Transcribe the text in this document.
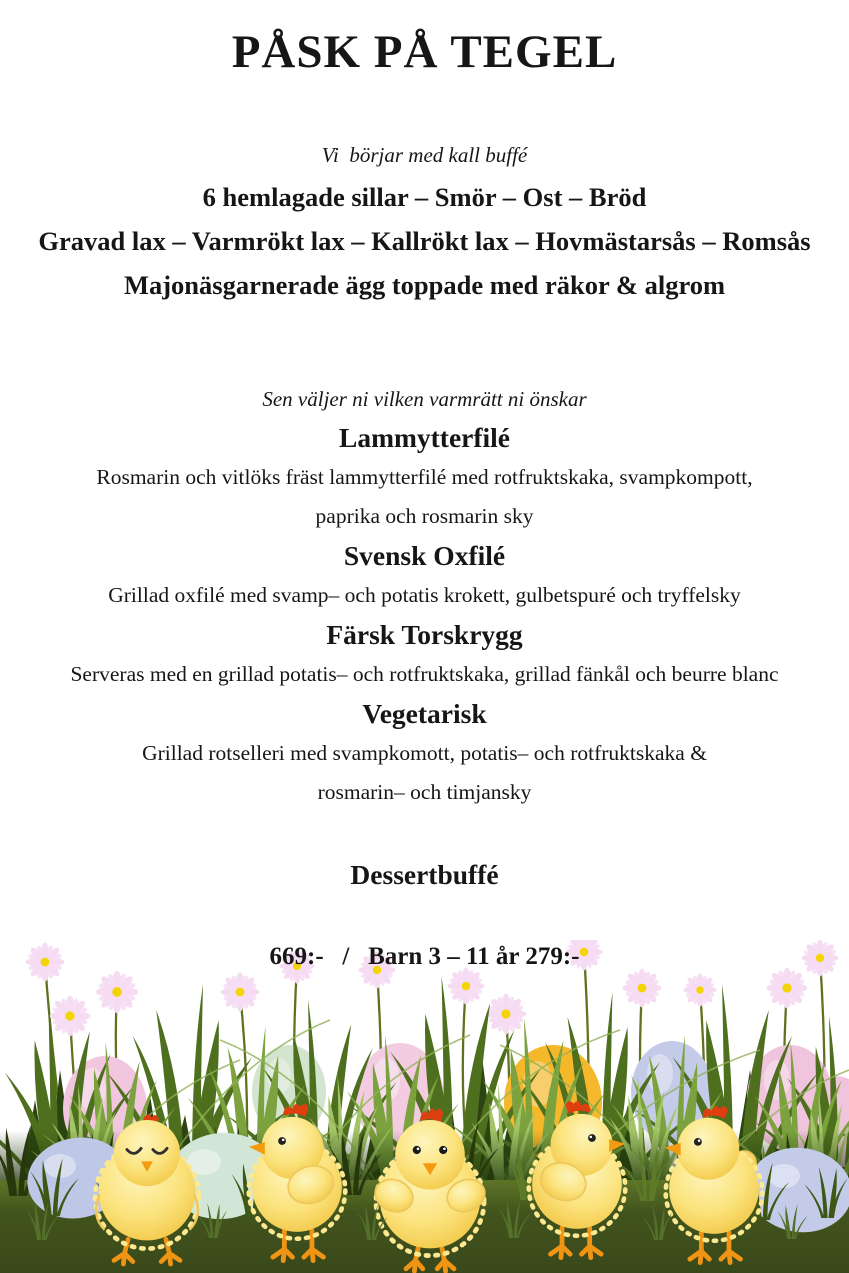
PÅSK PÅ TEGEL
Vi  börjar med kall buffé
6 hemlagade sillar – Smör – Ost – Bröd
Gravad lax – Varmrökt lax – Kallrökt lax – Hovmästarsås – Romsås
Majonäsgarnerade ägg toppade med räkor & algrom
Sen väljer ni vilken varmrätt ni önskar
Lammytterfilé
Rosmarin och vitlöks fräst lammytterfilé med rotfruktskaka, svampkompott,
paprika och rosmarin sky
Svensk Oxfilé
Grillad oxfilé med svamp– och potatis krokett, gulbetspuré och tryffelsky
Färsk Torskrygg
Serveras med en grillad potatis– och rotfruktskaka, grillad fänkål och beurre blanc
Vegetarisk
Grillad rotselleri med svampkomott, potatis– och rotfruktskaka &
rosmarin– och timjansky
Dessertbuffé
669:-   /   Barn 3 – 11 år 279:-
